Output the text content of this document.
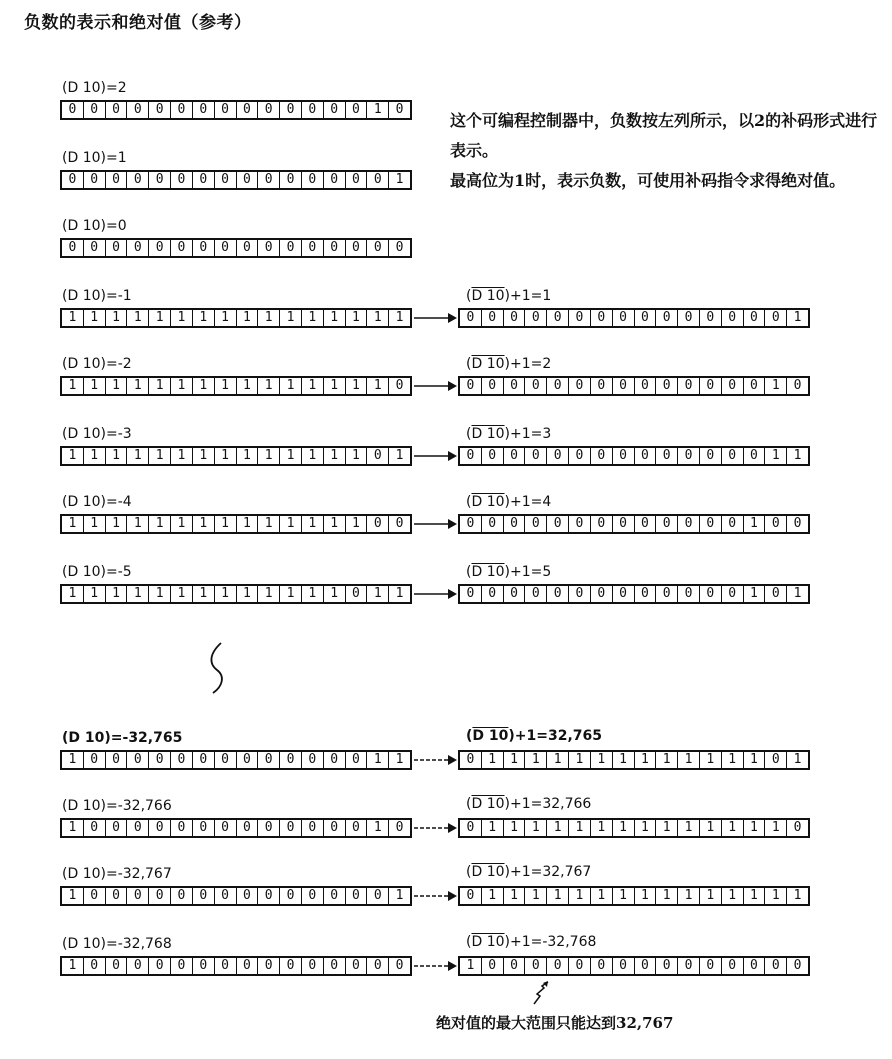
负数的表示和绝对值（参考）

这个可编程控制器中，负数按左列所示，以2的补码形式进行表示。

最高位为1时，表示负数，可使用补码指令求得绝对值。

(D 10)=2
0	0	0	0	0	0	0	0	0	0	0	0	0	0	1	0
(D 10)=1
0	0	0	0	0	0	0	0	0	0	0	0	0	0	0	1
(D 10)=0
0	0	0	0	0	0	0	0	0	0	0	0	0	0	0	0
(D 10)=-1
1	1	1	1	1	1	1	1	1	1	1	1	1	1	1	1
(D 10)+1=1
0	0	0	0	0	0	0	0	0	0	0	0	0	0	0	1
(D 10)=-2
1	1	1	1	1	1	1	1	1	1	1	1	1	1	1	0
(D 10)+1=2
0	0	0	0	0	0	0	0	0	0	0	0	0	0	1	0
(D 10)=-3
1	1	1	1	1	1	1	1	1	1	1	1	1	1	0	1
(D 10)+1=3
0	0	0	0	0	0	0	0	0	0	0	0	0	0	1	1
(D 10)=-4
1	1	1	1	1	1	1	1	1	1	1	1	1	1	0	0
(D 10)+1=4
0	0	0	0	0	0	0	0	0	0	0	0	0	1	0	0
(D 10)=-5
1	1	1	1	1	1	1	1	1	1	1	1	1	0	1	1
(D 10)+1=5
0	0	0	0	0	0	0	0	0	0	0	0	0	1	0	1
(D 10)=-32,765
1	0	0	0	0	0	0	0	0	0	0	0	0	0	1	1
(D 10)+1=32,765
0	1	1	1	1	1	1	1	1	1	1	1	1	1	0	1
(D 10)=-32,766
1	0	0	0	0	0	0	0	0	0	0	0	0	0	1	0
(D 10)+1=32,766
0	1	1	1	1	1	1	1	1	1	1	1	1	1	1	0
(D 10)=-32,767
1	0	0	0	0	0	0	0	0	0	0	0	0	0	0	1
(D 10)+1=32,767
0	1	1	1	1	1	1	1	1	1	1	1	1	1	1	1
(D 10)=-32,768
1	0	0	0	0	0	0	0	0	0	0	0	0	0	0	0
(D 10)+1=-32,768
1	0	0	0	0	0	0	0	0	0	0	0	0	0	0	0
绝对值的最大范围只能达到32,767
